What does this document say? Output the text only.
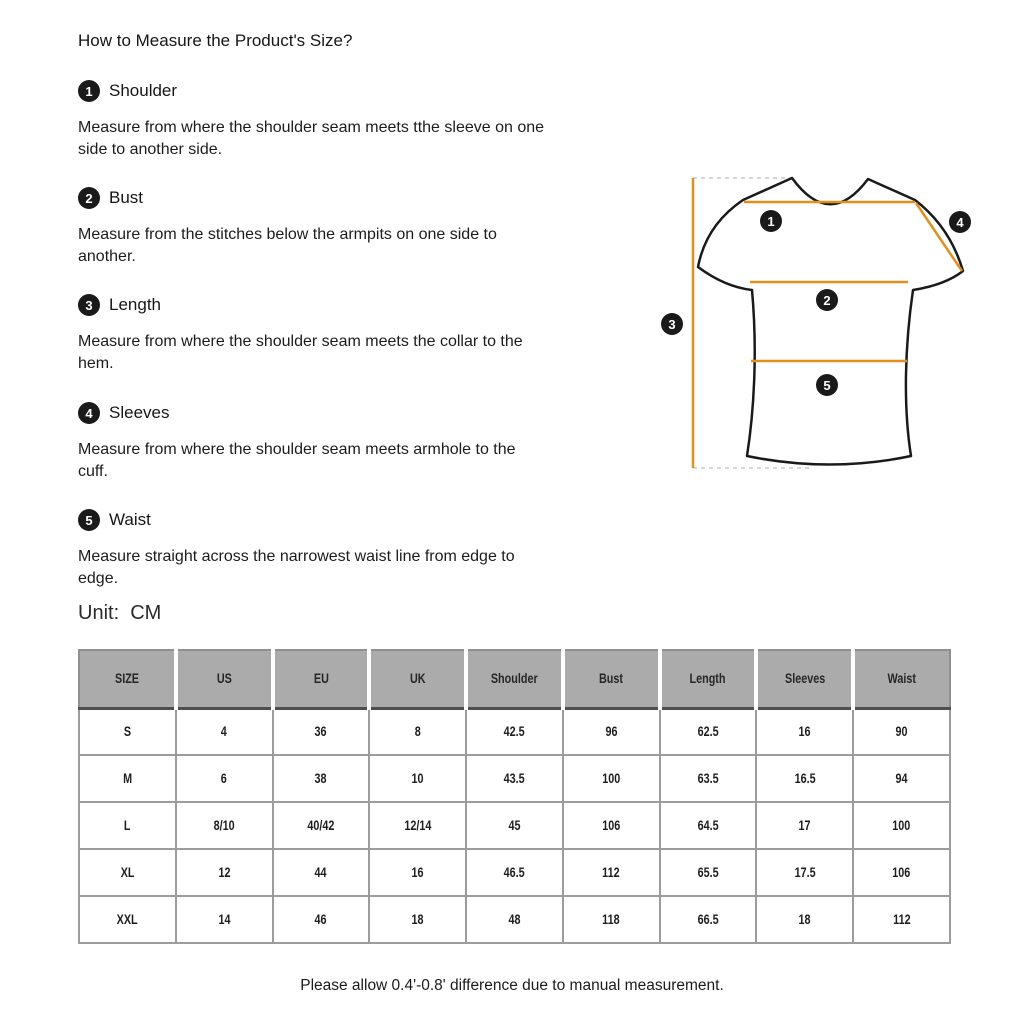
How to Measure the Product's Size?
1 Shoulder
Measure from where the shoulder seam meets tthe sleeve on one
side to another side.
2 Bust
Measure from the stitches below the armpits on one side to
another.
3 Length
Measure from where the shoulder seam meets the collar to the
hem.
4 Sleeves
Measure from where the shoulder seam meets armhole to the
cuff.
5 Waist
Measure straight across the narrowest waist line from edge to
edge.
1
2
3
4
5
Unit:  CM
SIZE	US	EU	UK	Shoulder	Bust	Length	Sleeves	Waist
S	4	36	8	42.5	96	62.5	16	90
M	6	38	10	43.5	100	63.5	16.5	94
L	8/10	40/42	12/14	45	106	64.5	17	100
XL	12	44	16	46.5	112	65.5	17.5	106
XXL	14	46	18	48	118	66.5	18	112
Please allow 0.4'-0.8' difference due to manual measurement.
